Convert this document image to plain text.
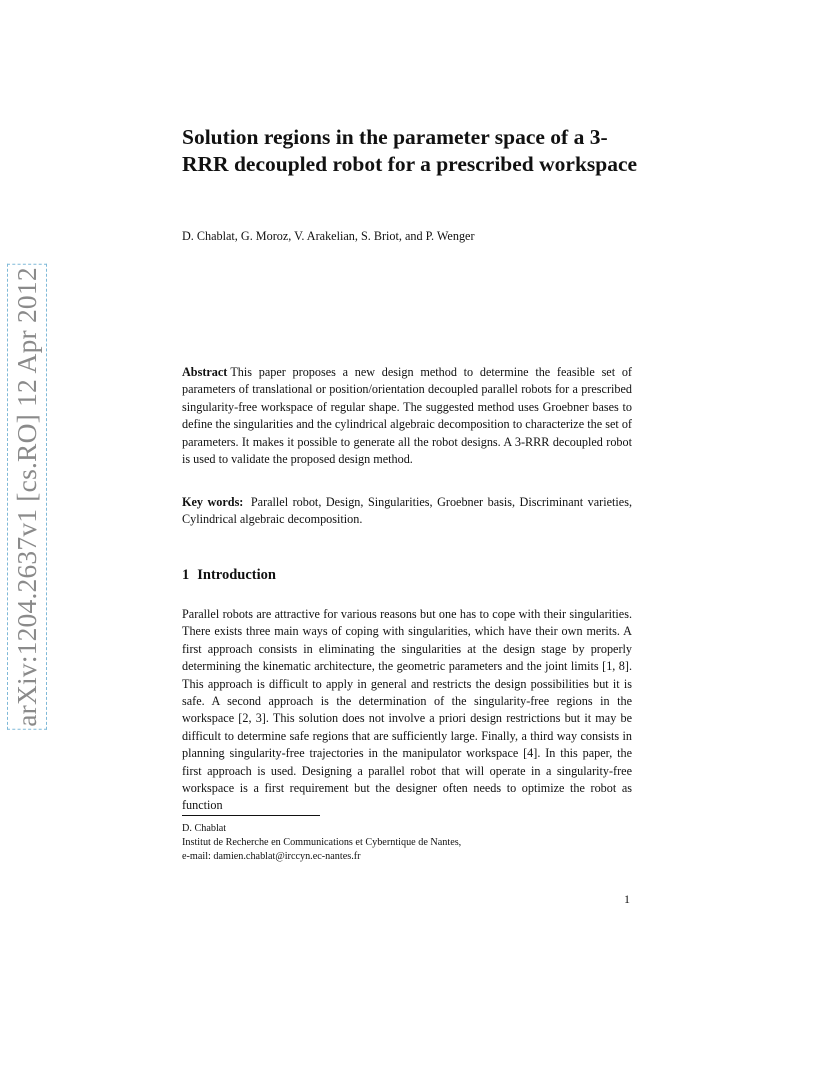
arXiv:1204.2637v1 [cs.RO] 12 Apr 2012
Solution regions in the parameter space of a 3-RRR decoupled robot for a prescribed workspace

D. Chablat, G. Moroz, V. Arakelian, S. Briot, and P. Wenger

Abstract This paper proposes a new design method to determine the feasible set of parameters of translational or position/orientation decoupled parallel robots for a prescribed singularity-free workspace of regular shape. The suggested method uses Groebner bases to define the singularities and the cylindrical algebraic decomposition to characterize the set of parameters. It makes it possible to generate all the robot designs. A 3-RRR decoupled robot is used to validate the proposed design method.

Key words: Parallel robot, Design, Singularities, Groebner basis, Discriminant varieties, Cylindrical algebraic decomposition.

1 Introduction

Parallel robots are attractive for various reasons but one has to cope with their singularities. There exists three main ways of coping with singularities, which have their own merits. A first approach consists in eliminating the singularities at the design stage by properly determining the kinematic architecture, the geometric parameters and the joint limits [1, 8]. This approach is difficult to apply in general and restricts the design possibilities but it is safe. A second approach is the determination of the singularity-free regions in the workspace [2, 3]. This solution does not involve a priori design restrictions but it may be difficult to determine safe regions that are sufficiently large. Finally, a third way consists in planning singularity-free trajectories in the manipulator workspace [4]. In this paper, the first approach is used. Designing a parallel robot that will operate in a singularity-free workspace is a first requirement but the designer often needs to optimize the robot as function

D. Chablat
Institut de Recherche en Communications et Cyberntique de Nantes,
e-mail: damien.chablat@irccyn.ec-nantes.fr

1
